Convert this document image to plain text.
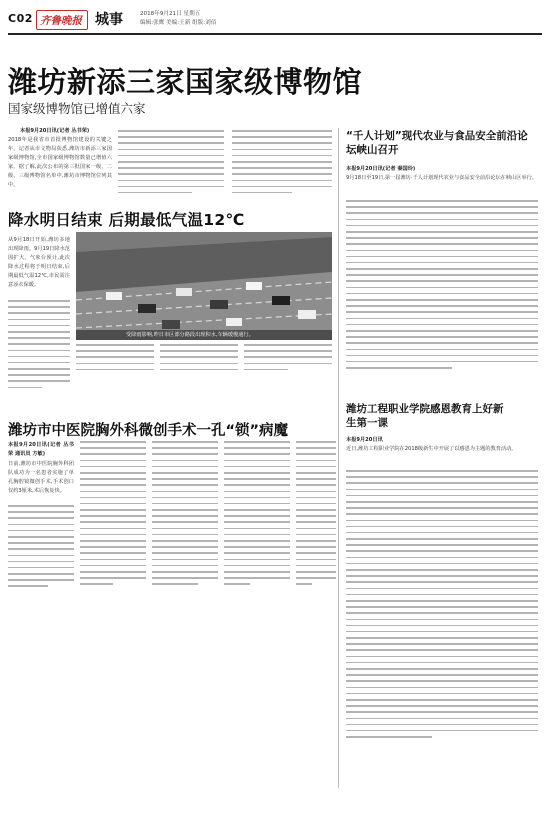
C02 齐鲁晚报 城事	2018年9月21日 星期五
编辑:张鹰 美编:王新 组版:刘佰
潍坊新添三家国家级博物馆
国家级博物馆已增值六家
本报9月20日讯(记者 丛书荣)
2018年是我省市首批博物馆建设的关键之年。记者从市文物局获悉,潍坊市新添三家国家级博物馆,全市国家级博物馆数量已增值六家。据了解,此次公布的第三批国家一级、二级、三级博物馆名单中,潍坊市博物馆位列其中。
降水明日结束 后期最低气温12℃
从9月18日开始,潍坊多地出现降雨。9月19日降水范围扩大。气象台预计,此次降水过程将于明日结束,后期最低气温12℃,市民需注意添衣保暖。
受降雨影响,昨日市区部分路段出现积水,车辆缓慢通行。
潍坊市中医院胸外科微创手术一孔“锁”病魔
本报9月20日讯(记者 丛书荣 通讯员 方敏)
日前,潍坊市中医院胸外科团队成功为一名患者实施了单孔胸腔镜微创手术,手术创口仅约3厘米,术后恢复快。
“千人计划”现代农业与食品安全前沿论坛峡山召开
本报9月20日讯(记者 秦国玲)
9月18日至19日,第一届潍坊·千人计划现代农业与食品安全前沿论坛在峡山区举行。
潍坊工程职业学院感恩教育上好新生第一课
本报9月20日讯
近日,潍坊工程职业学院在2018级新生中开展了以感恩为主题的教育活动。
